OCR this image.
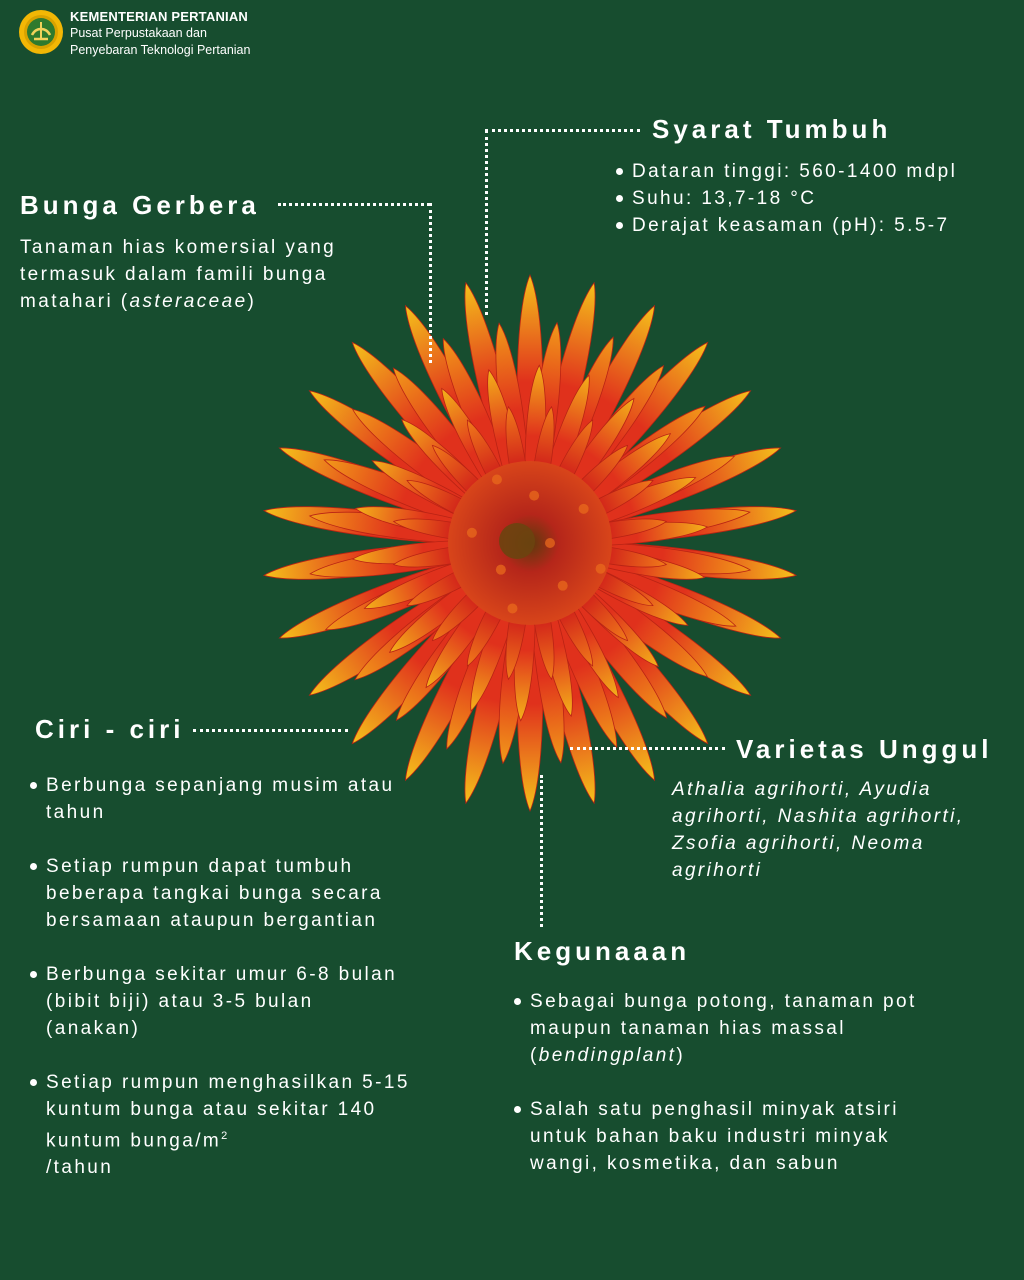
KEMENTERIAN PERTANIAN
Pusat Perpustakaan dan
Penyebaran Teknologi Pertanian
Bunga Gerbera
Tanaman hias komersial yang
termasuk dalam famili bunga
matahari (asteraceae)
Syarat Tumbuh
Dataran tinggi: 560-1400 mdpl
Suhu: 13,7-18 °C
Derajat keasaman (pH): 5.5-7
Ciri - ciri
Berbunga sepanjang musim atau tahun
Setiap rumpun dapat tumbuh beberapa tangkai bunga secara bersamaan ataupun bergantian
Berbunga sekitar umur 6-8 bulan (bibit biji) atau 3-5 bulan (anakan)
Setiap rumpun menghasilkan 5-15 kuntum bunga atau sekitar 140 kuntum bunga/$m^2$
/tahun
Varietas Unggul
Athalia agrihorti, Ayudia agrihorti, Nashita agrihorti, Zsofia agrihorti, Neoma agrihorti
Kegunaaan
Sebagai bunga potong, tanaman pot maupun tanaman hias massal (bendingplant)
Salah satu penghasil minyak atsiri untuk bahan baku industri minyak wangi, kosmetika, dan sabun
